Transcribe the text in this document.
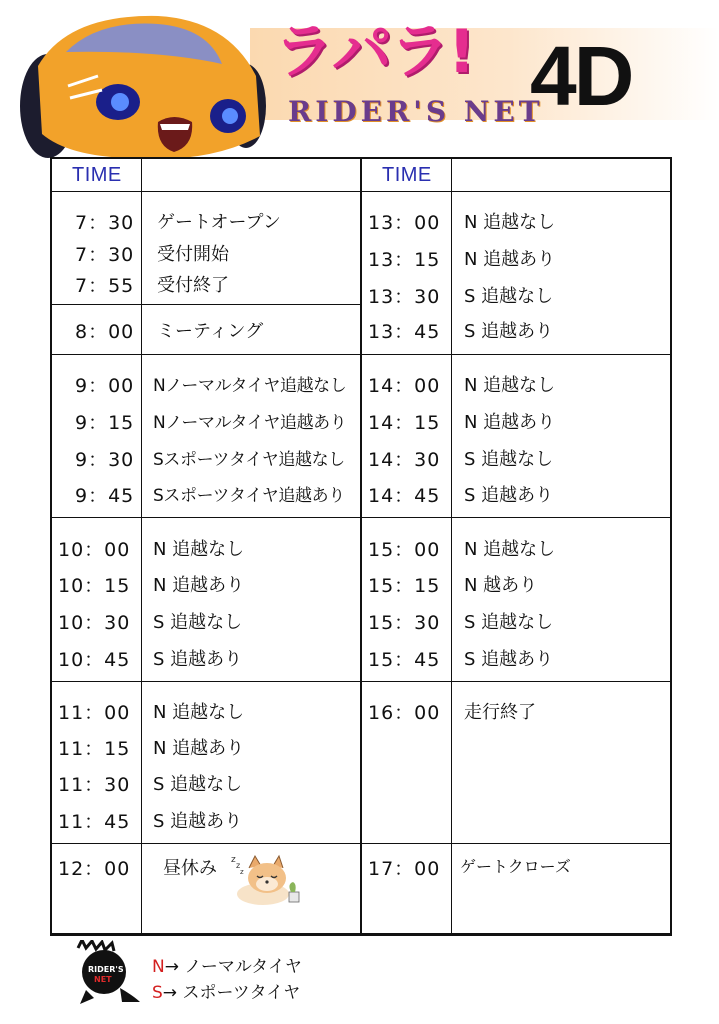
ラパラ! 4D
RIDER'S NET
TIME	TIME
7：30 ゲートオープン
7：30 受付開始
7：55 受付終了
8：00 ミーティング
9：00 Nノーマルタイヤ追越なし
9：15 Nノーマルタイヤ追越あり
9：30 Sスポーツタイヤ追越なし
9：45 Sスポーツタイヤ追越あり
10：00 N 追越なし
10：15 N 追越あり
10：30 S 追越なし
10：45 S 追越あり
11：00 N 追越なし
11：15 N 追越あり
11：30 S 追越なし
11：45 S 追越あり
12：00 昼休み
13：00 N 追越なし
13：15 N 追越あり
13：30 S 追越なし
13：45 S 追越あり
14：00 N 追越なし
14：15 N 追越あり
14：30 S 追越なし
14：45 S 追越あり
15：00 N 追越なし
15：15 N 越あり
15：30 S 追越なし
15：45 S 追越あり
16：00 走行終了
17：00 ゲートクローズ
z
z
z
RIDER'S
NET
N→ ノーマルタイヤ
S→ スポーツタイヤ
